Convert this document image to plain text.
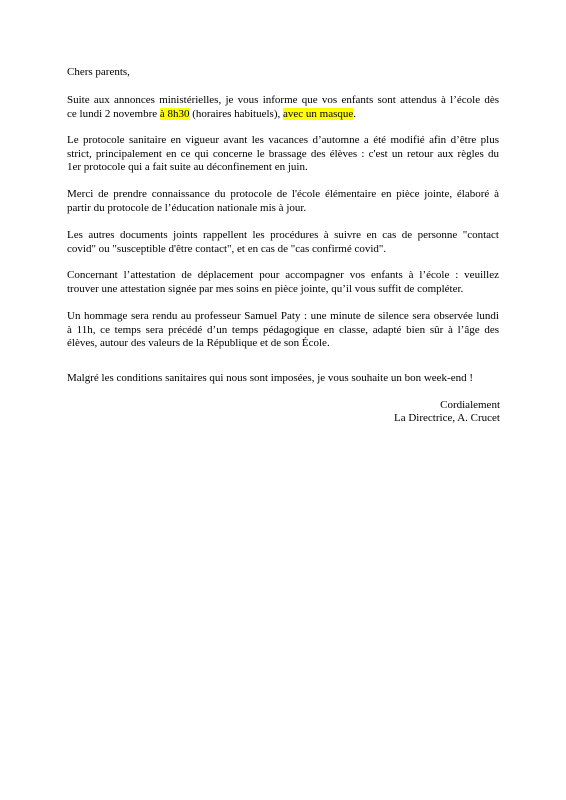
Chers parents,

Suite aux annonces ministérielles, je vous informe que vos enfants sont attendus à l’école dès
ce lundi 2 novembre à 8h30 (horaires habituels), avec un masque.

Le protocole sanitaire en vigueur avant les vacances d’automne a été modifié afin d’être plus
strict, principalement en ce qui concerne le brassage des élèves : c'est un retour aux règles du
1er protocole qui a fait suite au déconfinement en juin.

Merci de prendre connaissance du protocole de l'école élémentaire en pièce jointe, élaboré à
partir du protocole de l’éducation nationale mis à jour.

Les autres documents joints rappellent les procédures à suivre en cas de personne "contact
covid" ou "susceptible d'être contact", et en cas de "cas confirmé covid".

Concernant l’attestation de déplacement pour accompagner vos enfants à l’école : veuillez
trouver une attestation signée par mes soins en pièce jointe, qu’il vous suffit de compléter.

Un hommage sera rendu au professeur Samuel Paty : une minute de silence sera observée lundi
à 11h, ce temps sera précédé d’un temps pédagogique en classe, adapté bien sûr à l’âge des
élèves, autour des valeurs de la République et de son École.

Malgré les conditions sanitaires qui nous sont imposées, je vous souhaite un bon week-end !

Cordialement

La Directrice, A. Crucet
